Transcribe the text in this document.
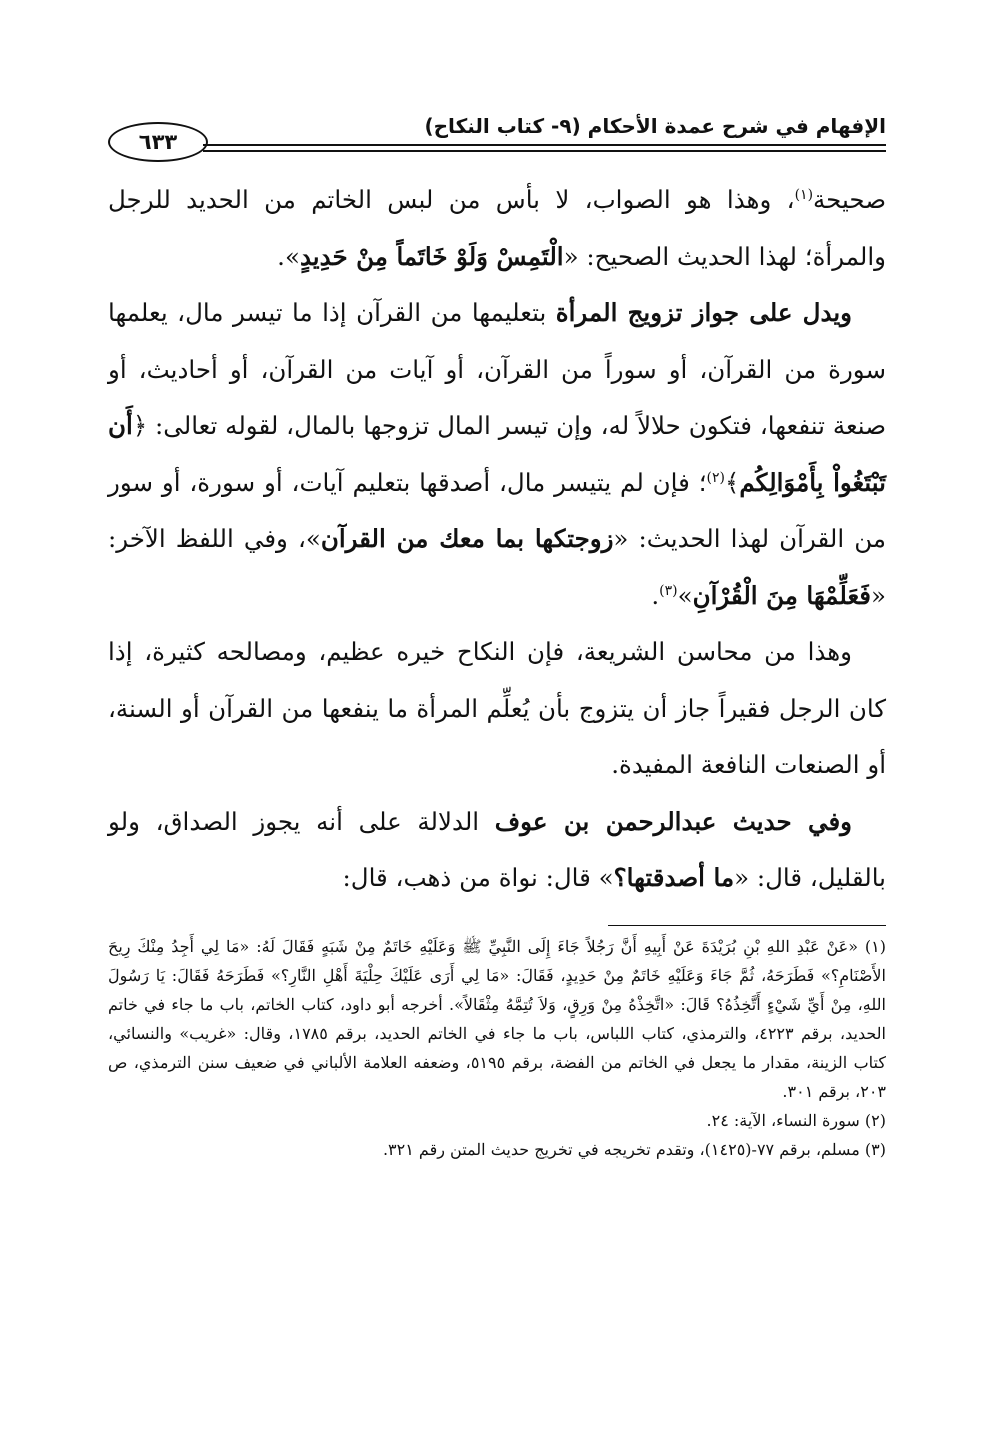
الإفهام في شرح عمدة الأحكام (٩- كتاب النكاح)
٦٣٣

صحيحة$^{(١)}$، وهذا هو الصواب، لا بأس من لبس الخاتم من الحديد للرجل والمرأة؛ لهذا الحديث الصحيح: «الْتَمِسْ وَلَوْ خَاتَماً مِنْ حَدِيدٍ».

ويدل على جواز تزويج المرأة بتعليمها من القرآن إذا ما تيسر مال، يعلمها سورة من القرآن، أو سوراً من القرآن، أو آيات من القرآن، أو أحاديث، أو صنعة تنفعها، فتكون حلالاً له، وإن تيسر المال تزوجها بالمال، لقوله تعالى: ﴿أَن تَبْتَغُواْ بِأَمْوَالِكُم﴾$^{(٢)}$؛ فإن لم يتيسر مال، أصدقها بتعليم آيات، أو سورة، أو سور من القرآن لهذا الحديث: «زوجتكها بما معك من القرآن»، وفي اللفظ الآخر: «فَعَلِّمْهَا مِنَ الْقُرْآنِ»$^{(٣)}$.

وهذا من محاسن الشريعة، فإن النكاح خيره عظيم، ومصالحه كثيرة، إذا كان الرجل فقيراً جاز أن يتزوج بأن يُعلِّم المرأة ما ينفعها من القرآن أو السنة، أو الصنعات النافعة المفيدة.

وفي حديث عبدالرحمن بن عوف الدلالة على أنه يجوز الصداق، ولو بالقليل، قال: «ما أصدقتها؟» قال: نواة من ذهب، قال:

(١) «عَنْ عَبْدِ اللهِ بْنِ بُرَيْدَةَ عَنْ أَبِيهِ أَنَّ رَجُلاً جَاءَ إِلَى النَّبِيِّ ﷺ وَعَلَيْهِ خَاتَمٌ مِنْ شَبَهٍ فَقَالَ لَهُ: «مَا لِي أَجِدُ مِنْكَ رِيحَ الأَصْنَامِ؟» فَطَرَحَهُ، ثُمَّ جَاءَ وَعَلَيْهِ خَاتَمٌ مِنْ حَدِيدٍ، فَقَالَ: «مَا لِي أَرَى عَلَيْكَ حِلْيَةَ أَهْلِ النَّارِ؟» فَطَرَحَهُ فَقَالَ: يَا رَسُولَ اللهِ، مِنْ أَيِّ شَيْءٍ أَتَّخِذُهُ؟ قَالَ: «اتَّخِذْهُ مِنْ وَرِقٍ، وَلاَ تُتِمَّهُ مِثْقَالاً». أخرجه أبو داود، كتاب الخاتم، باب ما جاء في خاتم الحديد، برقم ٤٢٢٣، والترمذي، كتاب اللباس، باب ما جاء في الخاتم الحديد، برقم ١٧٨٥، وقال: «غريب» والنسائي، كتاب الزينة، مقدار ما يجعل في الخاتم من الفضة، برقم ٥١٩٥، وضعفه العلامة الألباني في ضعيف سنن الترمذي، ص ٢٠٣، برقم ٣٠١.

(٢) سورة النساء، الآية: ٢٤.

(٣) مسلم، برقم ٧٧-(١٤٢٥)، وتقدم تخريجه في تخريج حديث المتن رقم ٣٢١.
